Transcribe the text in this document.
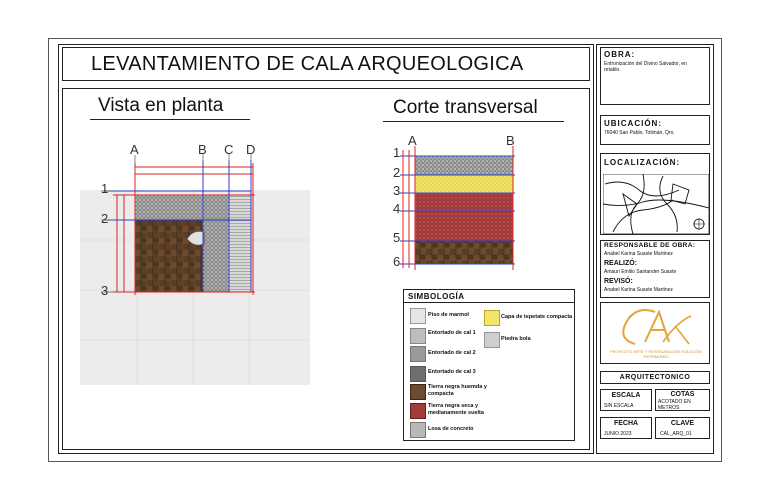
LEVANTAMIENTO DE CALA ARQUEOLOGICA
Vista en planta	Corte transversal
A	B C D
1
2
3
A	B
1
2
3
4
5
6
SIMBOLOGÍA
Piso de marmol
Entortado de cal 1
Entortado de cal 2
Entortado de cal 3
Tierra negra huemda y compacta
Tierra negra seca y medianamente suelta
Losa de concreto
Capa de tepetate compacta
Piedra bola
OBRA:
Entronización del Divino Salvador, en retablo.
UBICACIÓN:
76040 San Pablo, Tolimán, Qro.
LOCALIZACIÓN:
RESPONSABLE DE OBRA:
Anabel Karina Suaste Martinez
REALIZÓ:
Amauri Emilio Santander Suaste
REVISÓ:
Anabel Karina Suaste Martinez
PROYECTO ARTE Y RESTAURACIÓN SOLUCIÓN PATRIMONIO
ARQUITECTONICO
ESCALA
SIN ESCALA
COTAS
ACOTADO EN METROS
FECHA
JUNIO 2023
CLAVE
CAL_ARQ_01
